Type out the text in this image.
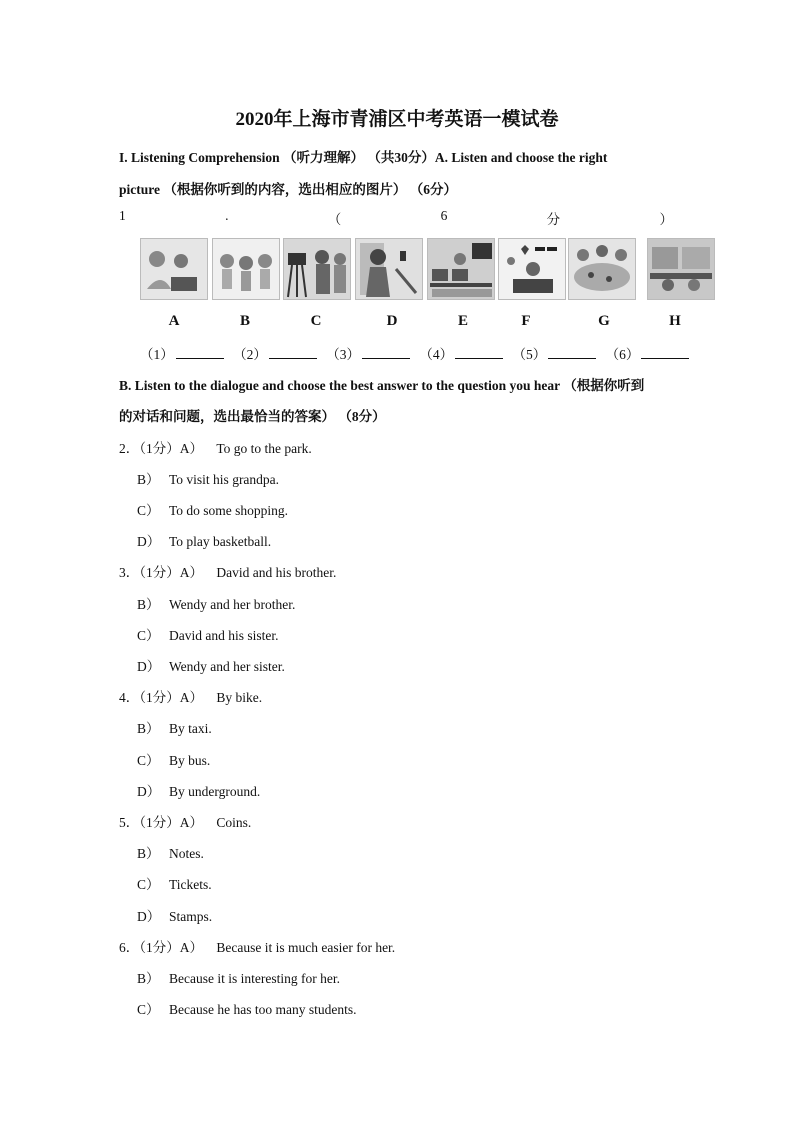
2020年上海市青浦区中考英语一模试卷
I. Listening Comprehension （听力理解） （共30分）A. Listen and choose the right
picture （根据你听到的内容，选出相应的图片） （6分）
1	.	（	6	分	）
A	B	C	D	E	F	G	H
（1）	（2）	（3）	（4）	（5）	（6）
B. Listen to the dialogue and choose the best answer to the question you hear （根据你听到
的对话和问题，选出最恰当的答案） （8分）
2．（1分）A） To go to the park.
B） To visit his grandpa.
C） To do some shopping.
D） To play basketball.
3．（1分）A） David and his brother.
B） Wendy and her brother.
C） David and his sister.
D） Wendy and her sister.
4．（1分）A） By bike.
B） By taxi.
C） By bus.
D） By underground.
5．（1分）A） Coins.
B） Notes.
C） Tickets.
D） Stamps.
6．（1分）A） Because it is much easier for her.
B） Because it is interesting for her.
C） Because he has too many students.
